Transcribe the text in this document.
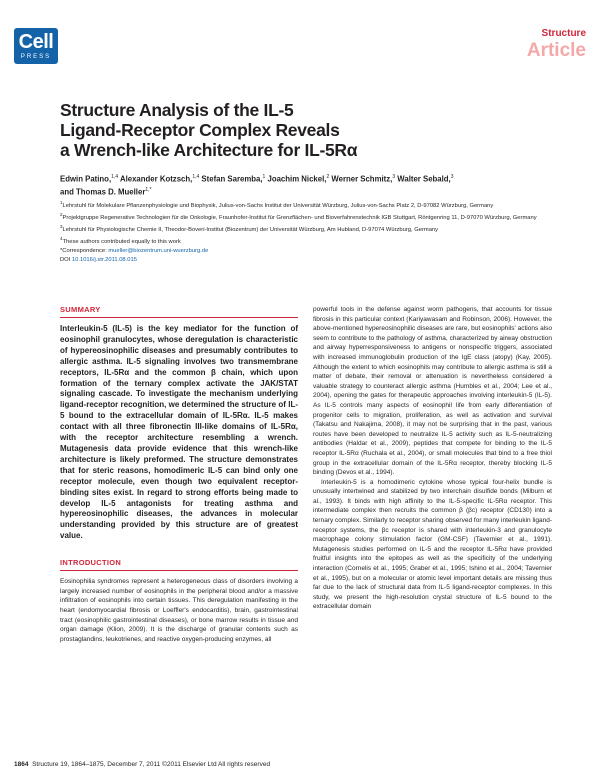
Cell
PRESS
Structure
Article
Structure Analysis of the IL-5
Ligand-Receptor Complex Reveals
a Wrench-like Architecture for IL-5Rα
Edwin Patino,$^{1,4}$ Alexander Kotzsch,$^{1,4}$ Stefan Saremba,$^1$ Joachim Nickel,$^2$ Werner Schmitz,$^3$ Walter Sebald,$^3$
and Thomas D. Mueller$^{1,*}$
$^1$Lehrstuhl für Molekulare Pflanzenphysiologie und Biophysik, Julius-von-Sachs Institut der Universität Würzburg, Julius-von-Sachs Platz 2, D-97082 Würzburg, Germany
$^2$Projektgruppe Regenerative Technologien für die Onkologie, Fraunhofer-Institut für Grenzflächen- und Bioverfahrenstechnik IGB Stuttgart, Röntgenring 11, D-97070 Würzburg, Germany
$^3$Lehrstuhl für Physiologische Chemie II, Theodor-Boveri-Institut (Biozentrum) der Universität Würzburg, Am Hubland, D-97074 Würzburg, Germany
$^4$These authors contributed equally to this work
*Correspondence: mueller@biozentrum.uni-wuerzburg.de
DOI 10.1016/j.str.2011.08.015
SUMMARY

Interleukin-5 (IL-5) is the key mediator for the function of eosinophil granulocytes, whose deregulation is characteristic of hypereosinophilic diseases and presumably contributes to allergic asthma. IL-5 signaling involves two transmembrane receptors, IL-5Rα and the common β chain, which upon formation of the ternary complex activate the JAK/STAT signaling cascade. To investigate the mechanism underlying ligand-receptor recognition, we determined the structure of IL-5 bound to the extracellular domain of IL-5Rα. IL-5 makes contact with all three fibronectin III-like domains of IL-5Rα, with the receptor architecture resembling a wrench. Mutagenesis data provide evidence that this wrench-like architecture is likely preformed. The structure demonstrates that for steric reasons, homodimeric IL-5 can bind only one receptor molecule, even though two equivalent receptor-binding sites exist. In regard to strong efforts being made to develop IL-5 antagonists for treating asthma and hypereosinophilic diseases, the advances in molecular understanding provided by this structure are of greatest value.

INTRODUCTION

Eosinophilia syndromes represent a heterogeneous class of disorders involving a largely increased number of eosinophils in the peripheral blood and/or a massive infiltration of eosinophils into certain tissues. This deregulation manifesting in the heart (endomyocardial fibrosis or Loeffler's endocarditis), brain, gastrointestinal tract (eosinophilic gastrointestinal diseases), or bone marrow results in tissue and organ damage (Klion, 2009). It is the discharge of granular contents such as prostaglandins, leukotrienes, and reactive oxygen-producing enzymes, all

powerful tools in the defense against worm pathogens, that accounts for tissue fibrosis in this particular context (Kariyawasam and Robinson, 2006). However, the above-mentioned hypereosinophilic diseases are rare, but eosinophils' actions also seem to contribute to the pathology of asthma, characterized by airway obstruction and airway hyperresponsiveness to antigens or nonspecific triggers, associated with increased immunoglobulin production of the IgE class (atopy) (Kay, 2005). Although the extent to which eosinophils may contribute to allergic asthma is still a matter of debate, their removal or attenuation is nevertheless considered a valuable strategy to counteract allergic asthma (Humbles et al., 2004; Lee et al., 2004), opening the gates for therapeutic approaches involving interleukin-5 (IL-5). As IL-5 controls many aspects of eosinophil life from early differentiation of progenitor cells to migration, proliferation, as well as activation and survival (Takatsu and Nakajima, 2008), it may not be surprising that in the past, various routes have been developed to neutralize IL-5 activity such as IL-5-neutralizing antibodies (Haldar et al., 2009), peptides that compete for binding to the IL-5 receptor IL-5Rα (Ruchala et al., 2004), or small molecules that bind to a free thiol group in the extracellular domain of the IL-5Rα receptor, thereby blocking IL-5 binding (Devos et al., 1994).

Interleukin-5 is a homodimeric cytokine whose typical four-helix bundle is unusually intertwined and stabilized by two interchain disulfide bonds (Milburn et al., 1993). It binds with high affinity to the IL-5-specific IL-5Rα receptor. This intermediate complex then recruits the common β (βc) receptor (CD130) into a ternary complex. Similarly to receptor sharing observed for many interleukin ligand-receptor systems, the βc receptor is shared with interleukin-3 and granulocyte macrophage colony stimulation factor (GM-CSF) (Tavernier et al., 1991). Mutagenesis studies performed on IL-5 and the receptor IL-5Rα have provided fruitful insights into the epitopes as well as the specificity of the underlying interaction (Cornelis et al., 1995; Graber et al., 1995; Ishino et al., 2004; Tavernier et al., 1995), but on a molecular or atomic level important details are missing thus far due to the lack of structural data from IL-5 ligand-receptor complexes. In this study, we present the high-resolution crystal structure of IL-5 bound to the extracellular domain

1864 Structure 19, 1864–1875, December 7, 2011 ©2011 Elsevier Ltd All rights reserved
